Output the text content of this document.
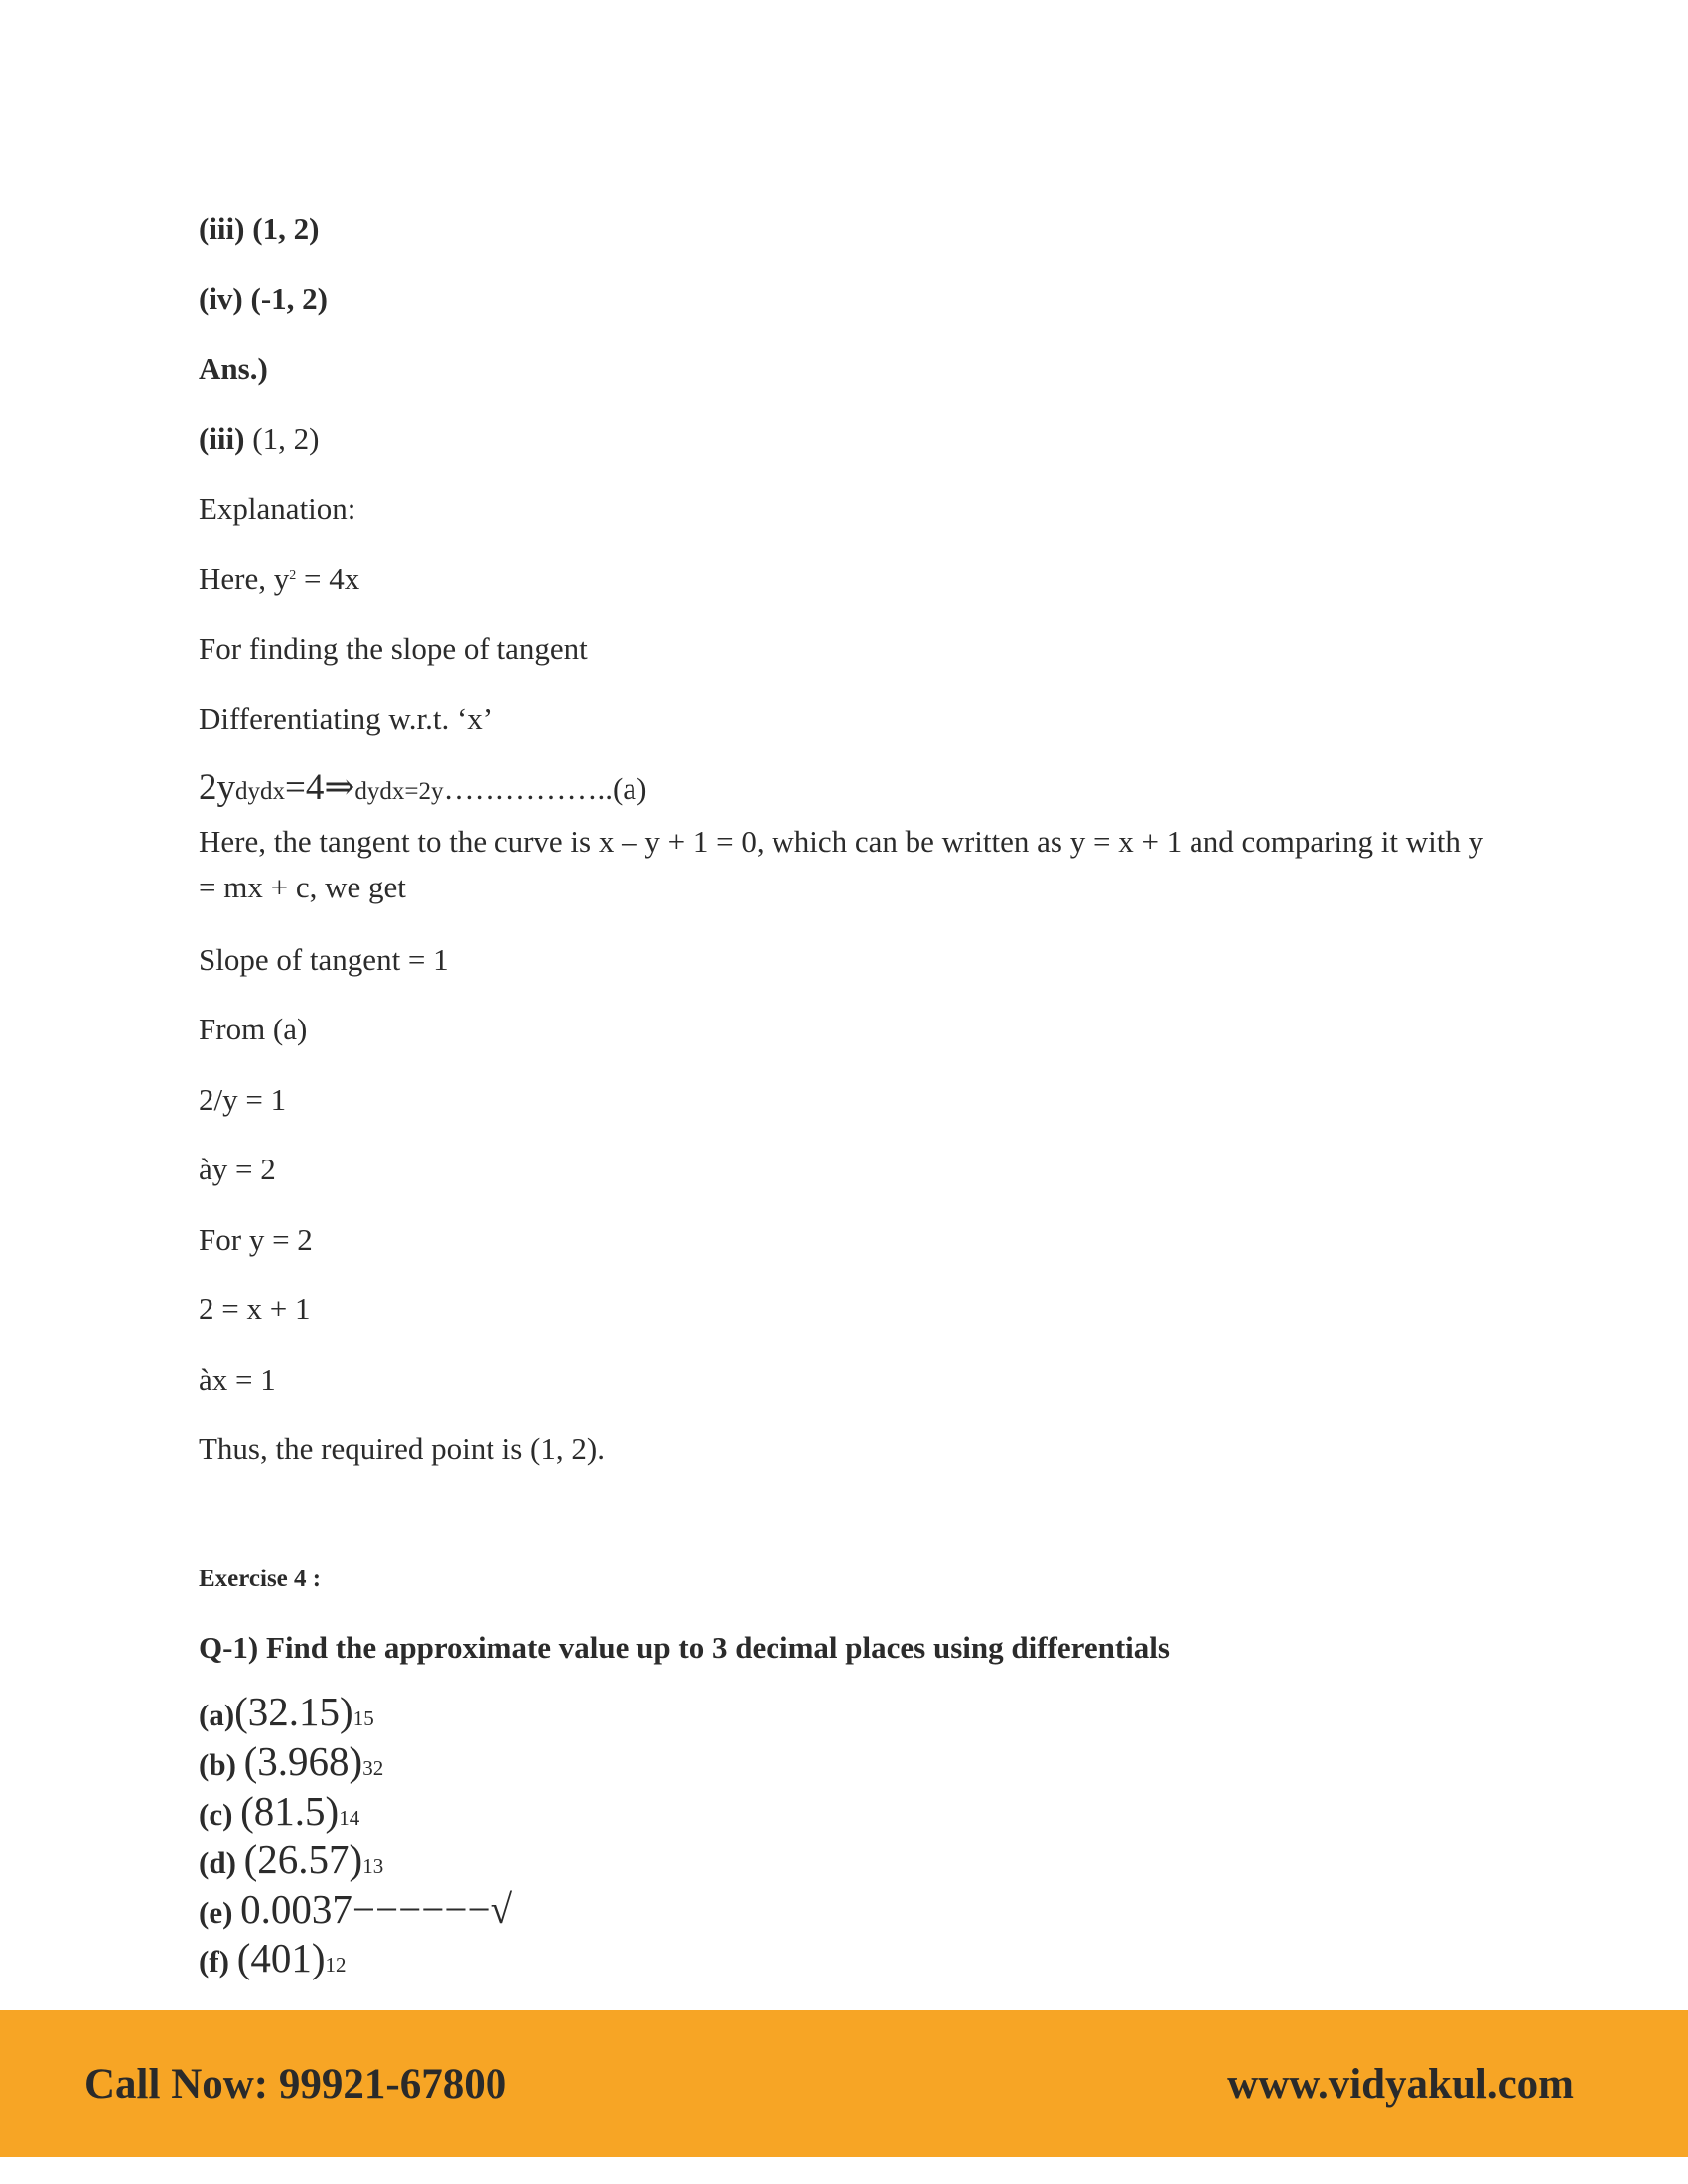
(iii) (1, 2)
(iv) (-1, 2)
Ans.)
(iii) (1, 2)
Explanation:
Here, $y^2 = 4x$
For finding the slope of tangent
Differentiating w.r.t. ‘x’
2ydydx=4⇒dydx=2y……………..(a)
Here, the tangent to the curve is x – y + 1 = 0, which can be written as y = x + 1 and comparing it with y = mx + c, we get
Slope of tangent = 1
From (a)
2/y = 1
ày = 2
For y = 2
2 = x + 1
àx = 1
Thus, the required point is (1, 2).
Exercise 4 :
Q-1) Find the approximate value up to 3 decimal places using differentials
(a)(32.15)15
(b) (3.968)32
(c) (81.5)14
(d) (26.57)13
(e) 0.0037−−−−−−√
(f) (401)12
Call Now: 99921-67800	www.vidyakul.com
